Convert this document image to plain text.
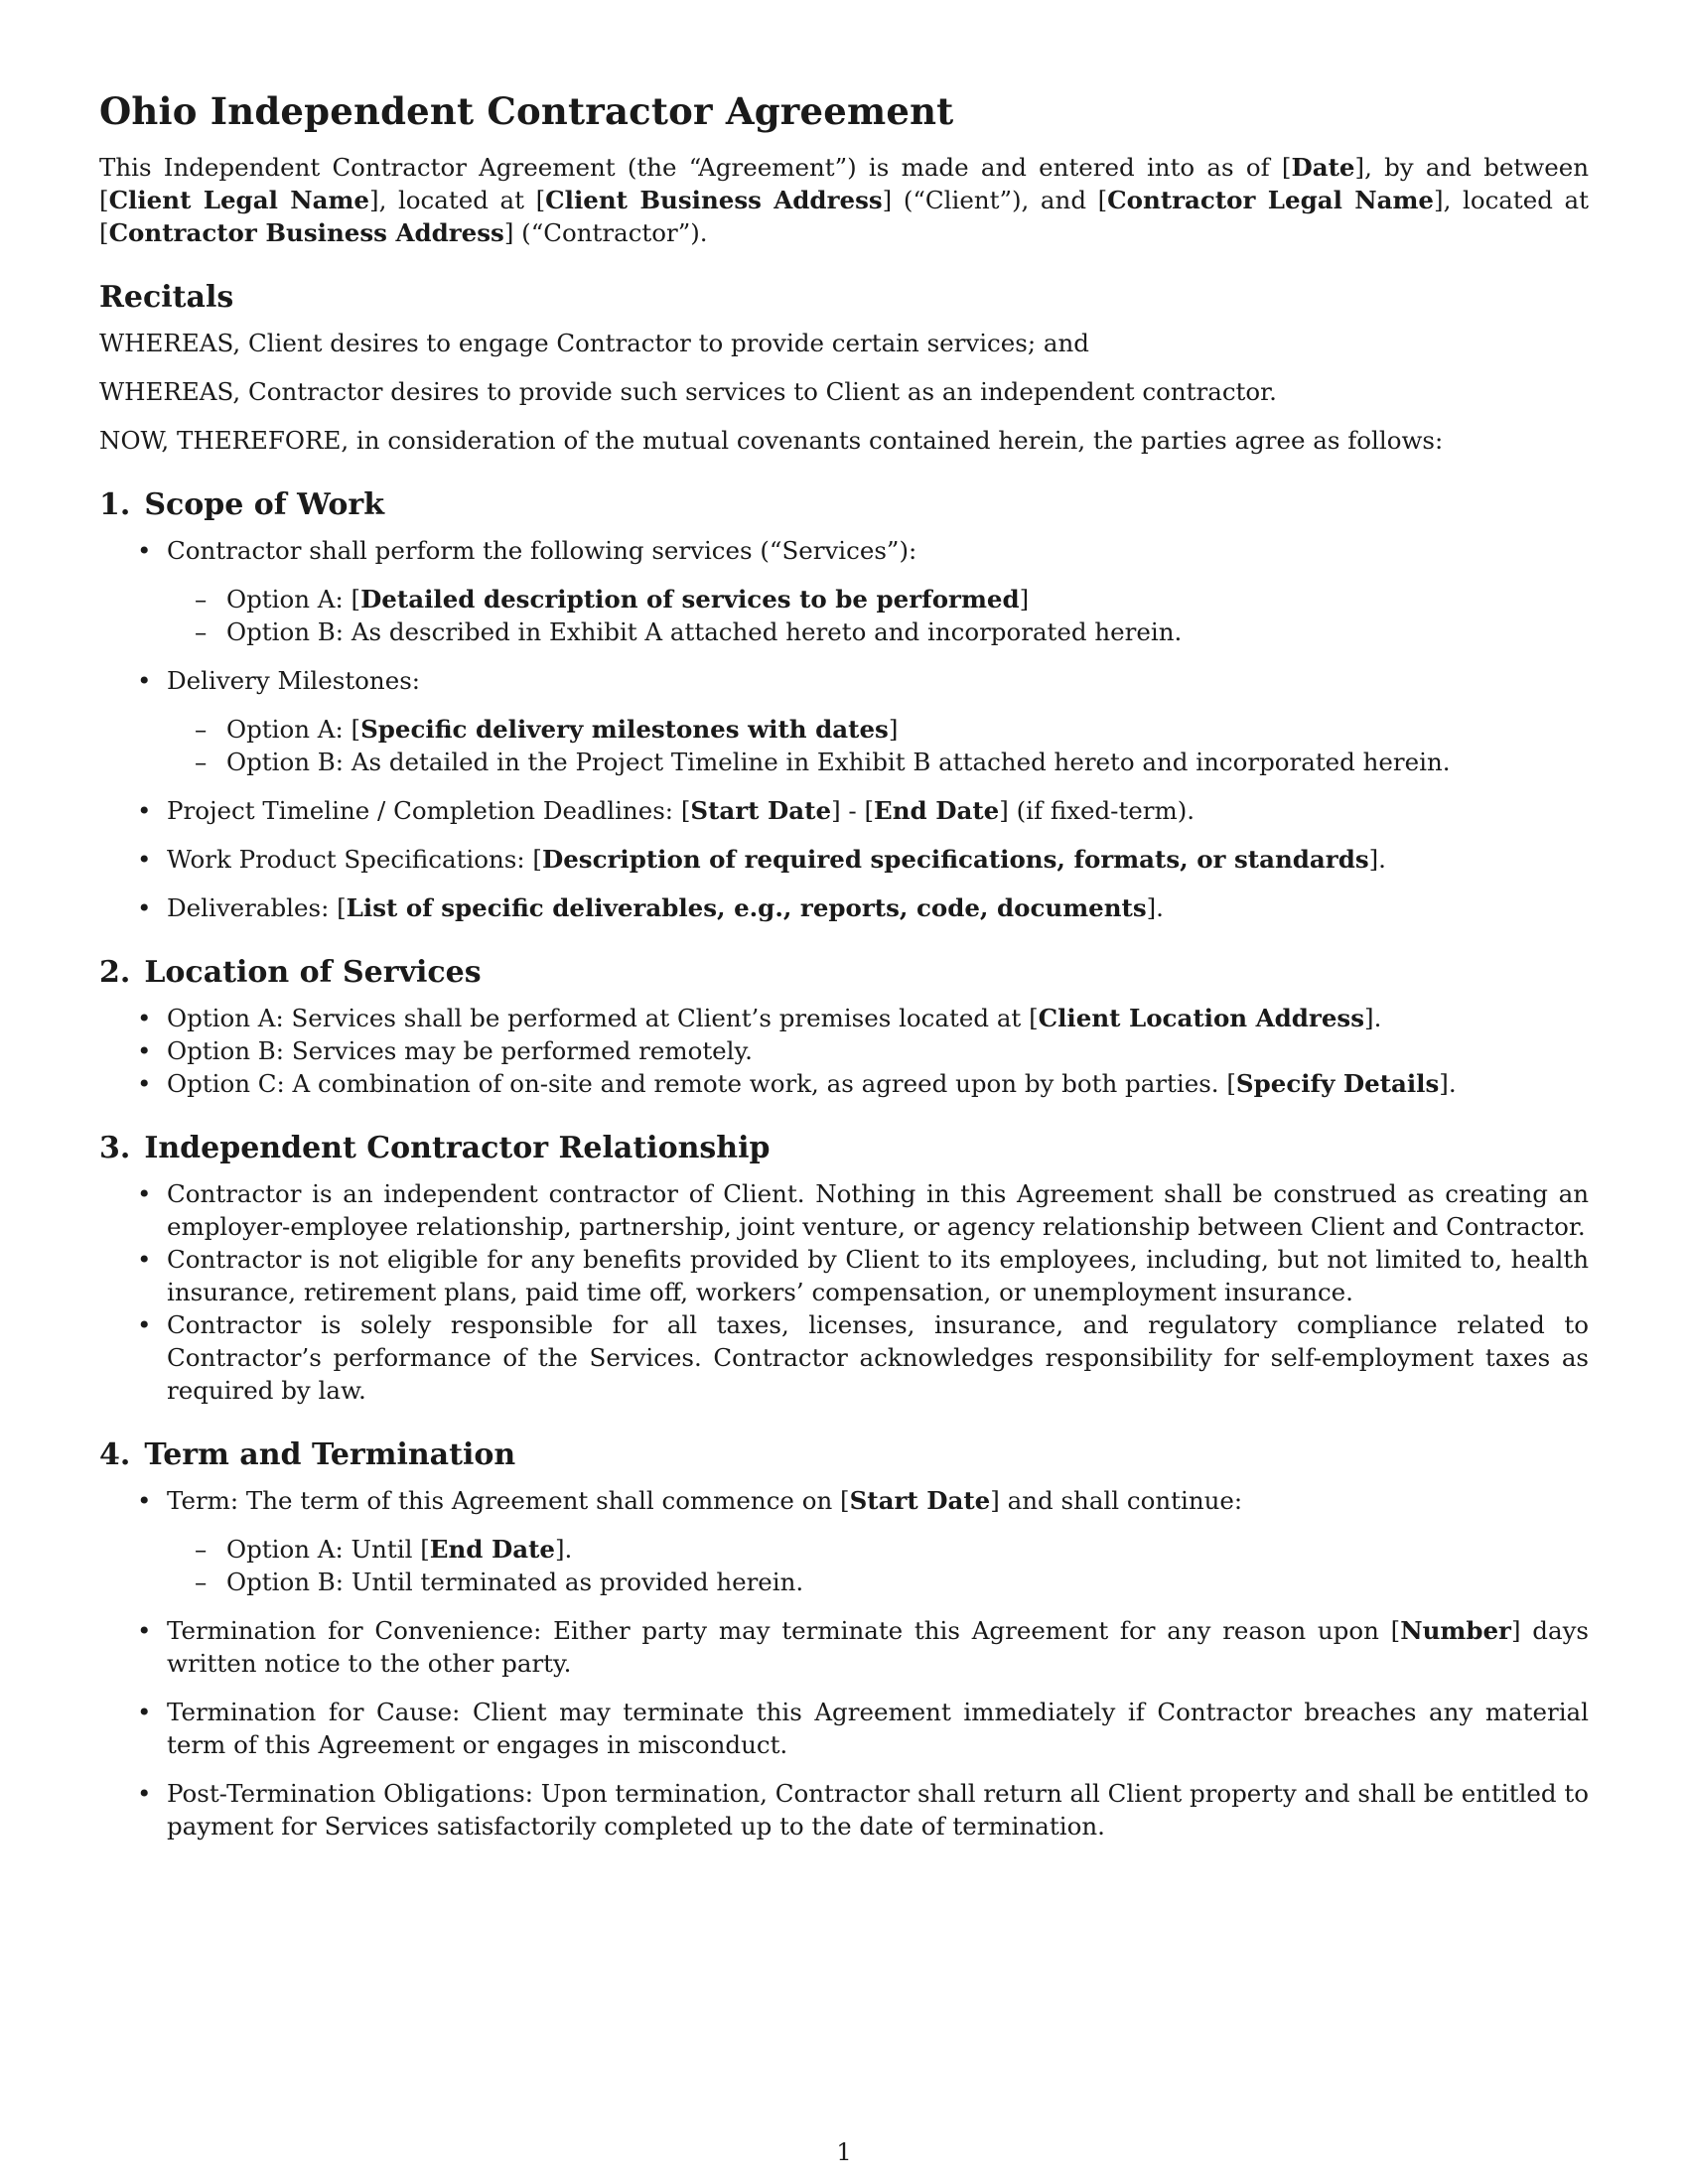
Ohio Independent Contractor Agreement

This Independent Contractor Agreement (the “Agreement”) is made and entered into as of [Date], by and between [Client Legal Name], located at [Client Business Address] (“Client”), and [Contractor Legal Name], located at [Contractor Business Address] (“Contractor”).

Recitals

WHEREAS, Client desires to engage Contractor to provide certain services; and

WHEREAS, Contractor desires to provide such services to Client as an independent contractor.

NOW, THEREFORE, in consideration of the mutual covenants contained herein, the parties agree as follows:

1. Scope of Work
• Contractor shall perform the following services (“Services”):
– Option A: [Detailed description of services to be performed]
– Option B: As described in Exhibit A attached hereto and incorporated herein.
• Delivery Milestones:
– Option A: [Specific delivery milestones with dates]
– Option B: As detailed in the Project Timeline in Exhibit B attached hereto and incorporated herein.
• Project Timeline / Completion Deadlines: [Start Date] - [End Date] (if fixed-term).
• Work Product Specifications: [Description of required specifications, formats, or standards].
• Deliverables: [List of specific deliverables, e.g., reports, code, documents].
2. Location of Services
• Option A: Services shall be performed at Client’s premises located at [Client Location Address].
• Option B: Services may be performed remotely.
• Option C: A combination of on-site and remote work, as agreed upon by both parties. [Specify Details].
3. Independent Contractor Relationship
• Contractor is an independent contractor of Client. Nothing in this Agreement shall be construed as creating an employer-employee relationship, partnership, joint venture, or agency relationship between Client and Contractor.
• Contractor is not eligible for any benefits provided by Client to its employees, including, but not limited to, health insurance, retirement plans, paid time off, workers’ compensation, or unemployment insurance.
• Contractor is solely responsible for all taxes, licenses, insurance, and regulatory compliance related to Contractor’s performance of the Services. Contractor acknowledges responsibility for self-employment taxes as required by law.
4. Term and Termination
• Term: The term of this Agreement shall commence on [Start Date] and shall continue:
– Option A: Until [End Date].
– Option B: Until terminated as provided herein.
• Termination for Convenience: Either party may terminate this Agreement for any reason upon [Number] days written notice to the other party.
• Termination for Cause: Client may terminate this Agreement immediately if Contractor breaches any material term of this Agreement or engages in misconduct.
• Post-Termination Obligations: Upon termination, Contractor shall return all Client property and shall be entitled to payment for Services satisfactorily completed up to the date of termination.
1
